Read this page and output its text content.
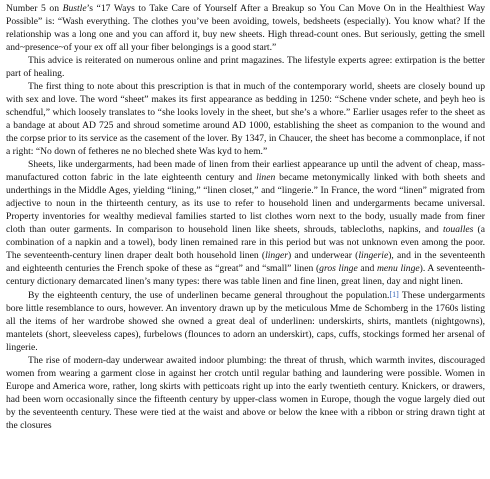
Number 5 on Bustle’s “17 Ways to Take Care of Yourself After a Breakup so You Can Move On in the Healthiest Way Possible” is: “Wash everything. The clothes you’ve been avoiding, towels, bedsheets (especially). You know what? If the relationship was a long one and you can afford it, buy new sheets. High thread-count ones. But seriously, getting the smell and~presence~of your ex off all your fiber belongings is a good start.”

This advice is reiterated on numerous online and print magazines. The lifestyle experts agree: extirpation is the better part of healing.

The first thing to note about this prescription is that in much of the contemporary world, sheets are closely bound up with sex and love. The word “sheet” makes its first appearance as bedding in 1250: “Schene vnder schete, and þeyh heo is schendful,” which loosely translates to “she looks lovely in the sheet, but she’s a whore.” Earlier usages refer to the sheet as a bandage at about AD 725 and shroud sometime around AD 1000, establishing the sheet as companion to the wound and the corpse prior to its service as the casement of the lover. By 1347, in Chaucer, the sheet has become a commonplace, if not a right: “No down of fetheres ne no bleched shete Was kyd to hem.”

Sheets, like undergarments, had been made of linen from their earliest appearance up until the advent of cheap, mass-manufactured cotton fabric in the late eighteenth century and linen became metonymically linked with both sheets and underthings in the Middle Ages, yielding “lining,” “linen closet,” and “lingerie.” In France, the word “linen” migrated from adjective to noun in the thirteenth century, as its use to refer to household linen and undergarments became universal. Property inventories for wealthy medieval families started to list clothes worn next to the body, usually made from finer cloth than outer garments. In comparison to household linen like sheets, shrouds, tablecloths, napkins, and toualles (a combination of a napkin and a towel), body linen remained rare in this period but was not unknown even among the poor. The seventeenth-century linen draper dealt both household linen (linger) and underwear (lingerie), and in the seventeenth and eighteenth centuries the French spoke of these as “great” and “small” linen (gros linge and menu linge). A seventeenth-century dictionary demarcated linen’s many types: there was table linen and fine linen, great linen, day and night linen.

By the eighteenth century, the use of underlinen became general throughout the population.[1] These undergarments bore little resemblance to ours, however. An inventory drawn up by the meticulous Mme de Schomberg in the 1760s listing all the items of her wardrobe showed she owned a great deal of underlinen: underskirts, shirts, mantlets (nightgowns), mantelets (short, sleeveless capes), furbelows (flounces to adorn an underskirt), caps, cuffs, stockings formed her arsenal of lingerie.

The rise of modern-day underwear awaited indoor plumbing: the threat of thrush, which warmth invites, discouraged women from wearing a garment close in against her crotch until regular bathing and laundering were possible. Women in Europe and America wore, rather, long skirts with petticoats right up into the early twentieth century. Knickers, or drawers, had been worn occasionally since the fifteenth century by upper-class women in Europe, though the vogue largely died out by the seventeenth century. These were tied at the waist and above or below the knee with a ribbon or string drawn tight at the closures
